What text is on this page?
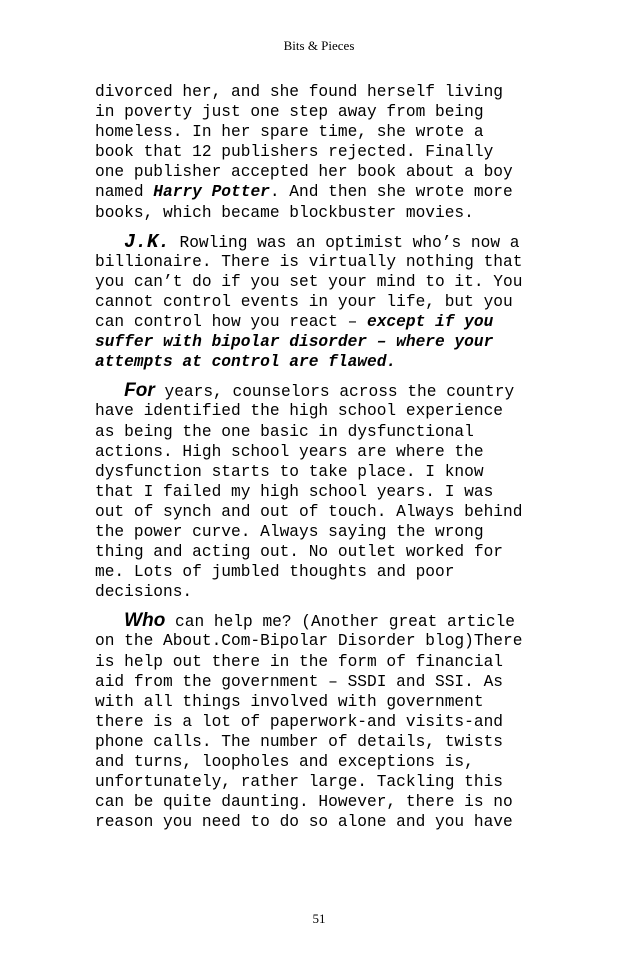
Bits & Pieces
divorced her, and she found herself living
in poverty just one step away from being
homeless. In her spare time, she wrote a
book that 12 publishers rejected. Finally
one publisher accepted her book about a boy
named Harry Potter. And then she wrote more
books, which became blockbuster movies.
J.K. Rowling was an optimist who’s now a
billionaire. There is virtually nothing that
you can’t do if you set your mind to it. You
cannot control events in your life, but you
can control how you react – except if you
suffer with bipolar disorder – where your
attempts at control are flawed.
For years, counselors across the country
have identified the high school experience
as being the one basic in dysfunctional
actions. High school years are where the
dysfunction starts to take place. I know
that I failed my high school years. I was
out of synch and out of touch. Always behind
the power curve. Always saying the wrong
thing and acting out. No outlet worked for
me. Lots of jumbled thoughts and poor
decisions.
Who can help me? (Another great article
on the About.Com-Bipolar Disorder blog)There
is help out there in the form of financial
aid from the government – SSDI and SSI. As
with all things involved with government
there is a lot of paperwork-and visits-and
phone calls. The number of details, twists
and turns, loopholes and exceptions is,
unfortunately, rather large. Tackling this
can be quite daunting. However, there is no
reason you need to do so alone and you have
51
